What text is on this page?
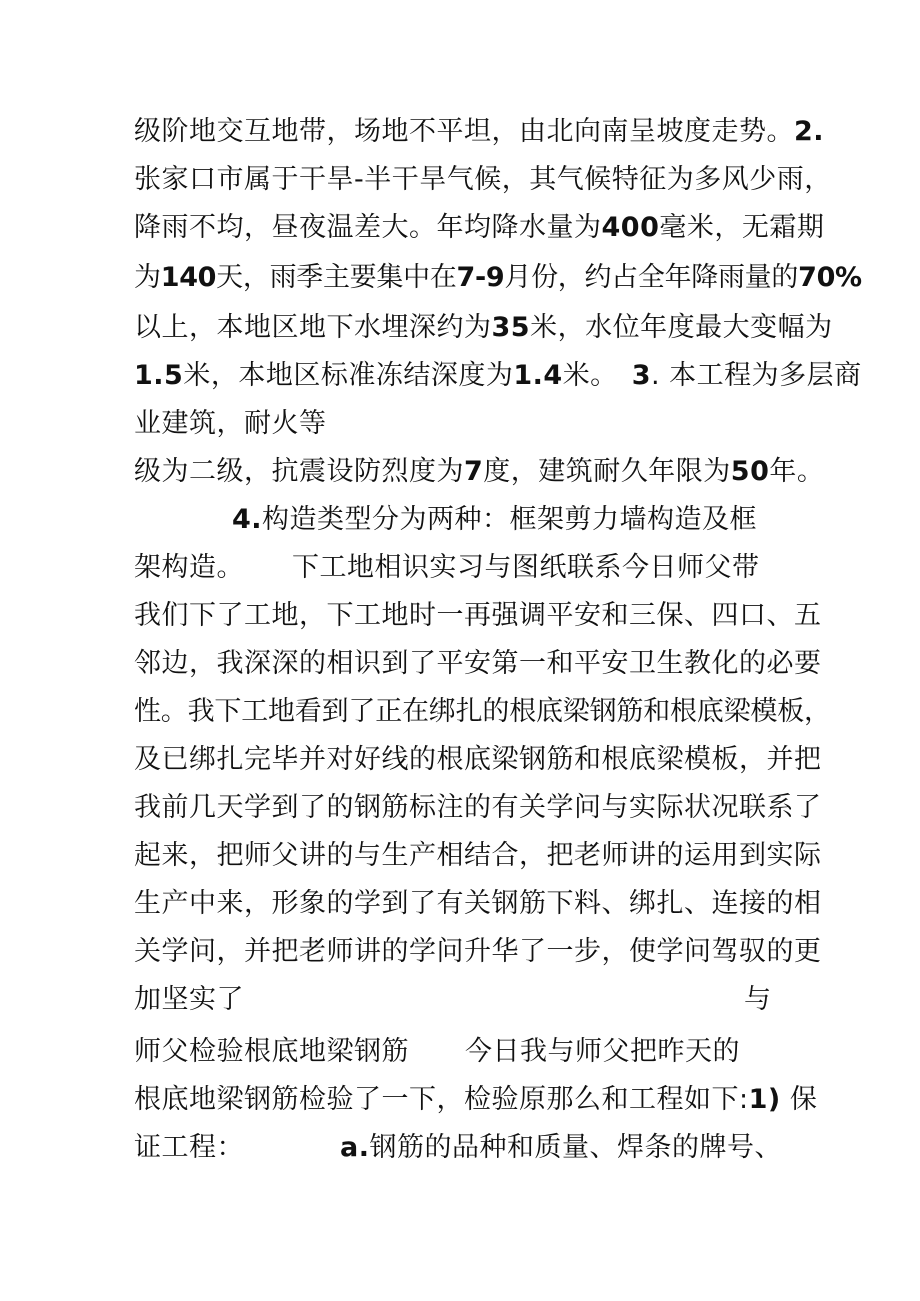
级阶地交互地带，场地不平坦，由北向南呈坡度走势。2.
张家口市属于干旱-半干旱气候，其气候特征为多风少雨，
降雨不均，昼夜温差大。年均降水量为400毫米，无霜期
为140天，雨季主要集中在7-9月份，约占全年降雨量的70%
以上，本地区地下水埋深约为35米，水位年度最大变幅为
1.5米，本地区标准冻结深度为1.4米。 3. 本工程为多层商
业建筑，耐火等
级为二级，抗震设防烈度为7度，建筑耐久年限为50年。
4.构造类型分为两种：框架剪力墙构造及框
架构造。 下工地相识实习与图纸联系今日师父带
我们下了工地，下工地时一再强调平安和三保、四口、五
邻边，我深深的相识到了平安第一和平安卫生教化的必要
性。我下工地看到了正在绑扎的根底梁钢筋和根底梁模板，
及已绑扎完毕并对好线的根底梁钢筋和根底梁模板，并把
我前几天学到了的钢筋标注的有关学问与实际状况联系了
起来，把师父讲的与生产相结合，把老师讲的运用到实际
生产中来，形象的学到了有关钢筋下料、绑扎、连接的相
关学问，并把老师讲的学问升华了一步，使学问驾驭的更
加坚实了	与
师父检验根底地梁钢筋 今日我与师父把昨天的
根底地梁钢筋检验了一下，检验原那么和工程如下:1) 保
证工程：	a.钢筋的品种和质量、焊条的牌号、
